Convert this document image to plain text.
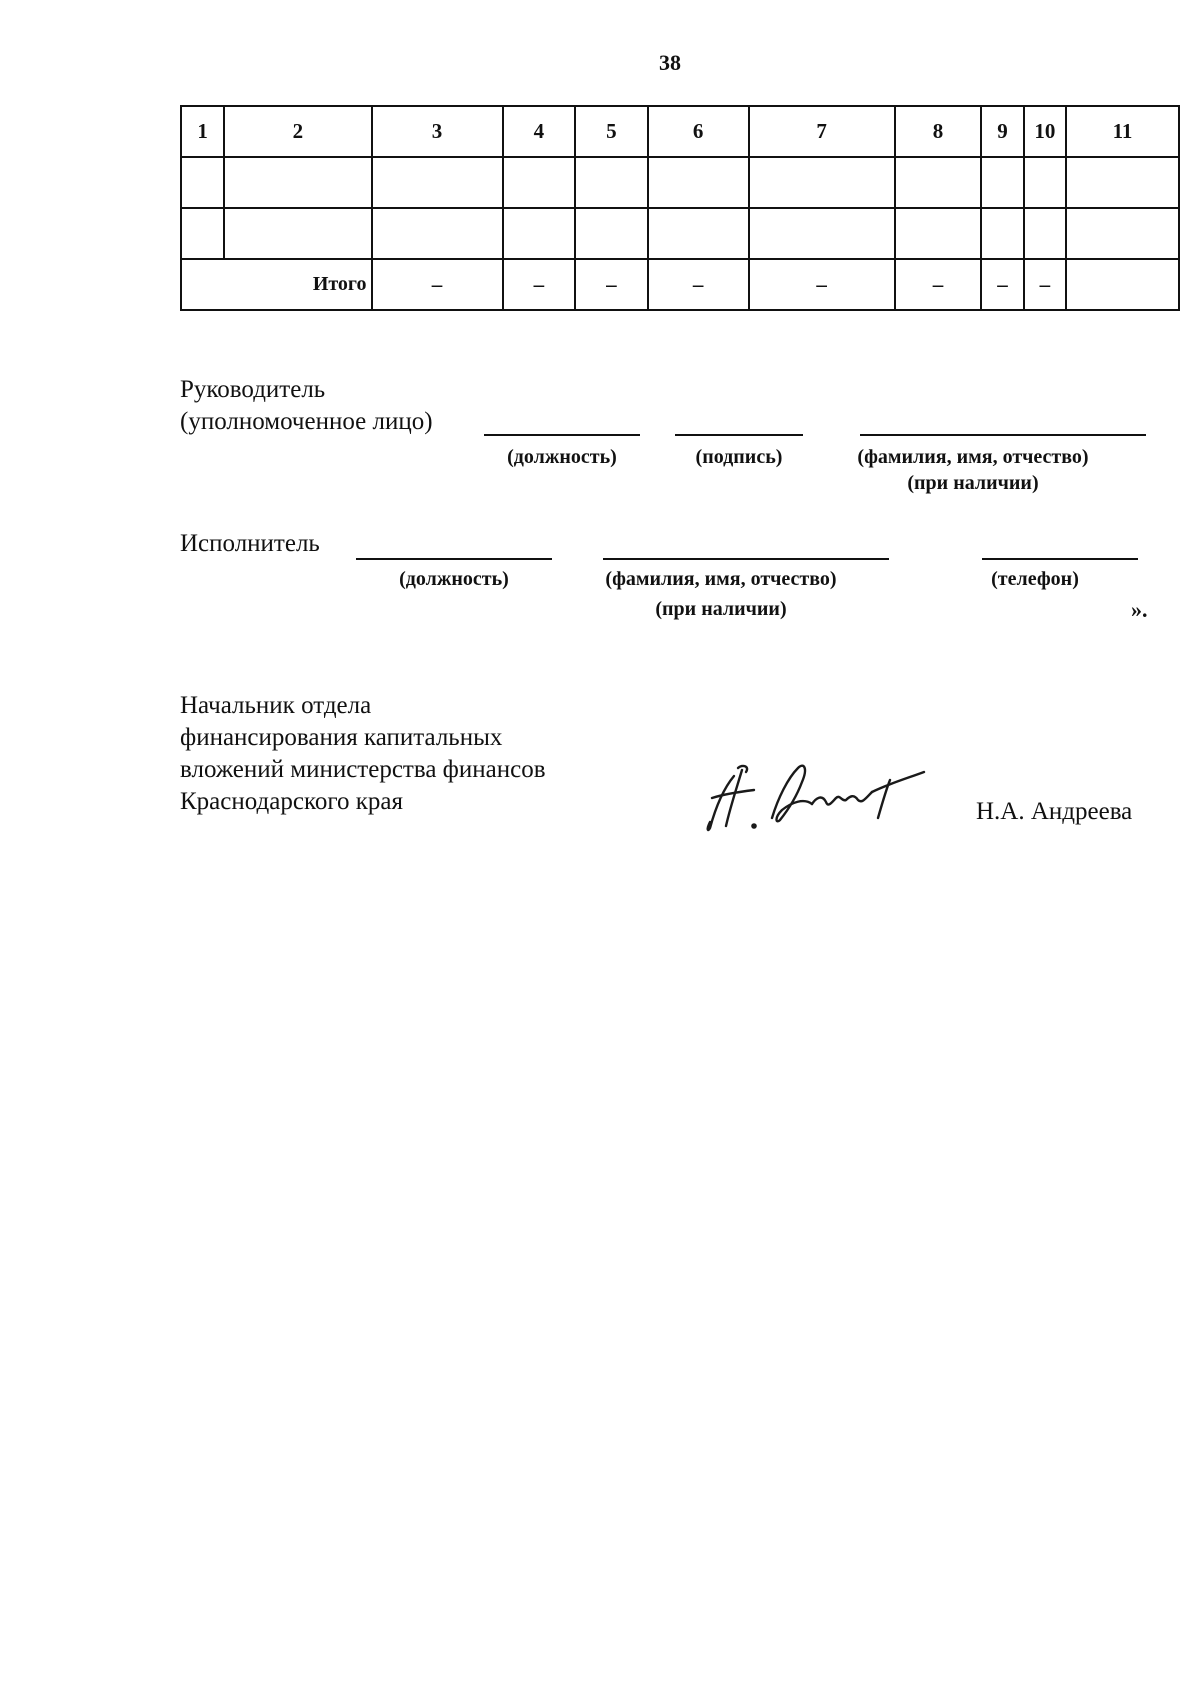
38
1	2	3	4	5	6	7	8	9	10	11

Итого		–	–	–	–	–	–	–	–	
Руководитель
(уполномоченное лицо)
(должность)	(подпись)	(фамилия, имя, отчество)
(при наличии)
Исполнитель
(должность)	(фамилия, имя, отчество)
(при наличии)
(телефон)
».
Начальник отдела
финансирования капитальных
вложений министерства финансов
Краснодарского края	Н.А. Андреева
